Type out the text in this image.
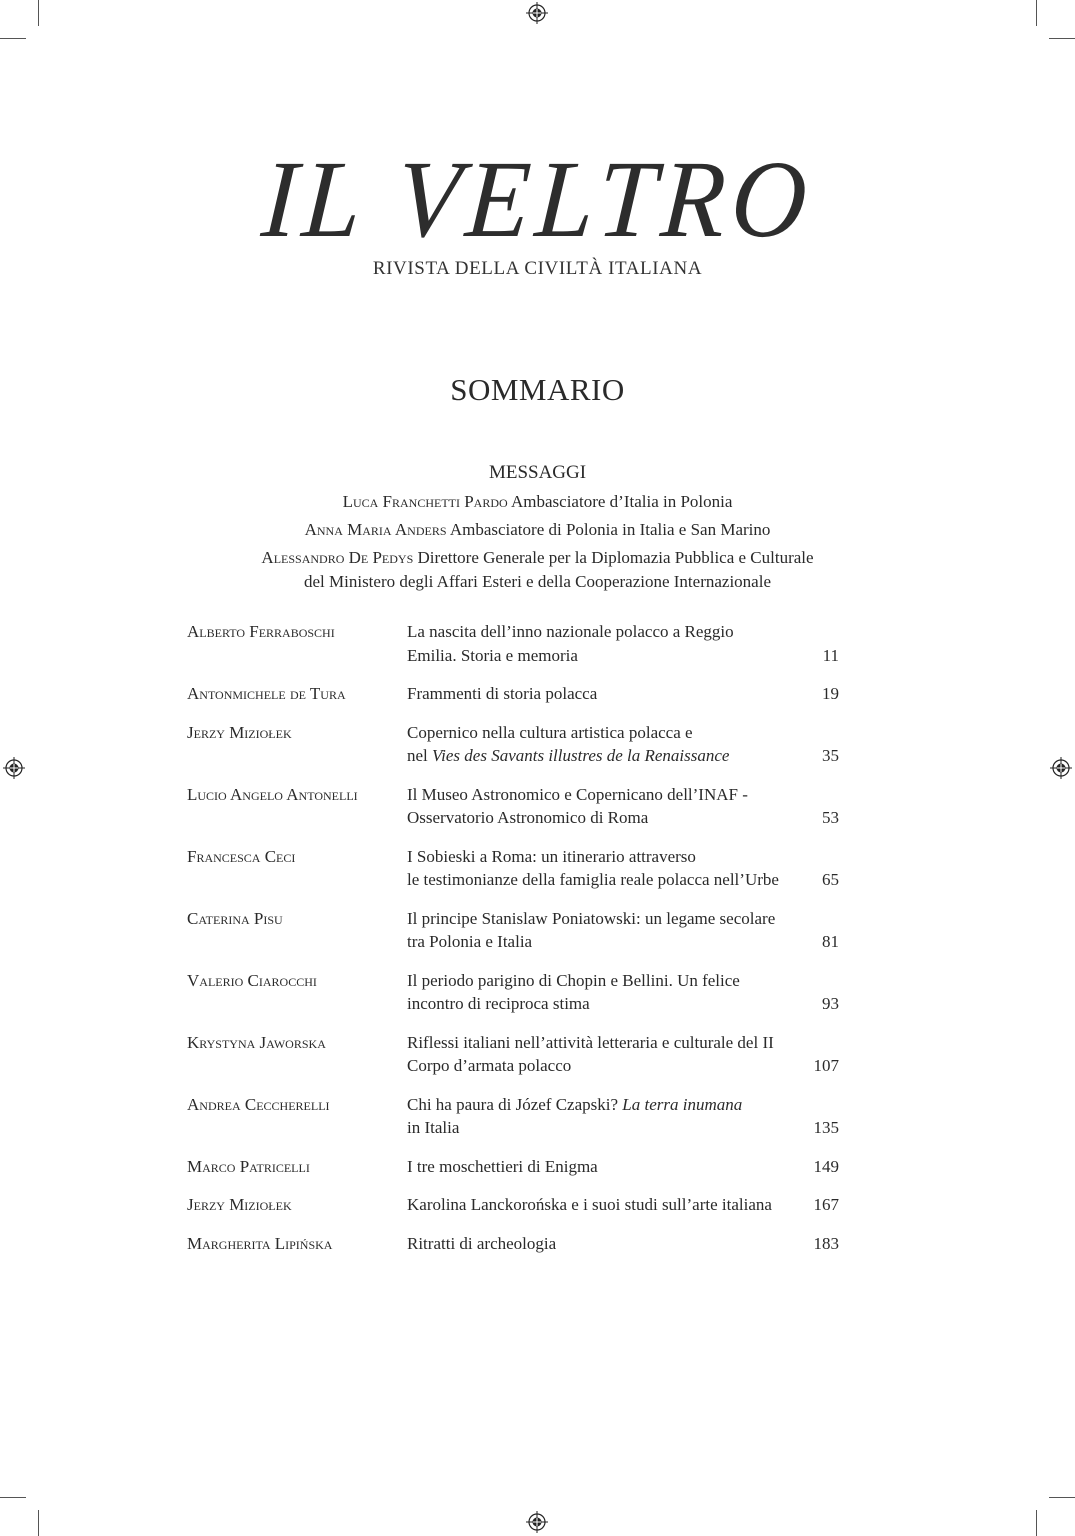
IL VELTRO
RIVISTA DELLA CIVILTÀ ITALIANA
SOMMARIO
MESSAGGI
Luca Franchetti Pardo Ambasciatore d’Italia in Polonia
Anna Maria Anders Ambasciatore di Polonia in Italia e San Marino
Alessandro De Pedys Direttore Generale per la Diplomazia Pubblica e Culturale
del Ministero degli Affari Esteri e della Cooperazione Internazionale
Alberto Ferraboschi	La nascita dell’inno nazionale polacco a Reggio
Emilia. Storia e memoria	11
Antonmichele de Tura	Frammenti di storia polacca	19
Jerzy Miziołek	Copernico nella cultura artistica polacca e
nel Vies des Savants illustres de la Renaissance	35
Lucio Angelo Antonelli	Il Museo Astronomico e Copernicano dell’INAF -
Osservatorio Astronomico di Roma	53
Francesca Ceci	I Sobieski a Roma: un itinerario attraverso
le testimonianze della famiglia reale polacca nell’Urbe	65
Caterina Pisu	Il principe Stanislaw Poniatowski: un legame secolare
tra Polonia e Italia	81
Valerio Ciarocchi	Il periodo parigino di Chopin e Bellini. Un felice
incontro di reciproca stima	93
Krystyna Jaworska	Riflessi italiani nell’attività letteraria e culturale del II
Corpo d’armata polacco	107
Andrea Ceccherelli	Chi ha paura di Józef Czapski? La terra inumana
in Italia	135
Marco Patricelli	I tre moschettieri di Enigma	149
Jerzy Miziołek	Karolina Lanckorońska e i suoi studi sull’arte italiana	167
Margherita Lipińska	Ritratti di archeologia	183
